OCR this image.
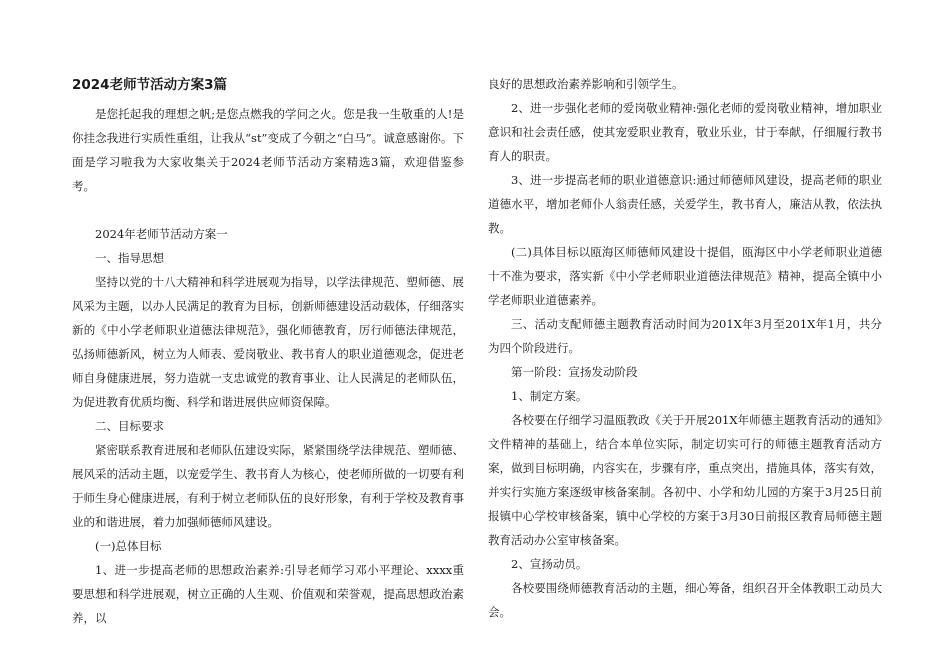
2024老师节活动方案3篇

是您托起我的理想之帆;是您点燃我的学问之火。您是我一生敬重的人!是你挂念我进行实质性重组，让我从“st”变成了今朝之“白马”。诚意感谢你。下面是学习啦我为大家收集关于2024老师节活动方案精选3篇，欢迎借鉴参考。

2024年老师节活动方案一

一、指导思想

坚持以党的十八大精神和科学进展观为指导，以学法律规范、塑师德、展风采为主题，以办人民满足的教育为目标，创新师德建设活动载体，仔细落实新的《中小学老师职业道德法律规范》，强化师德教育，厉行师德法律规范，弘扬师德新风，树立为人师表、爱岗敬业、教书育人的职业道德观念，促进老师自身健康进展，努力造就一支忠诚党的教育事业、让人民满足的老师队伍，为促进教育优质均衡、科学和谐进展供应师资保障。

二、目标要求

紧密联系教育进展和老师队伍建设实际，紧紧围绕学法律规范、塑师德、展风采的活动主题，以宠爱学生、教书育人为核心，使老师所做的一切要有利于师生身心健康进展，有利于树立老师队伍的良好形象，有利于学校及教育事业的和谐进展，着力加强师德师风建设。

(一)总体目标

1、进一步提高老师的思想政治素养:引导老师学习邓小平理论、xxxx重要思想和科学进展观，树立正确的人生观、价值观和荣誉观，提高思想政治素养，以

良好的思想政治素养影响和引领学生。

2、进一步强化老师的爱岗敬业精神:强化老师的爱岗敬业精神，增加职业意识和社会责任感，使其宠爱职业教育，敬业乐业，甘于奉献，仔细履行教书育人的职责。

3、进一步提高老师的职业道德意识:通过师德师风建设，提高老师的职业道德水平，增加老师仆人翁责任感，关爱学生，教书育人，廉洁从教，依法执教。

(二)具体目标以瓯海区师德师风建设十提倡，瓯海区中小学老师职业道德十不准为要求，落实新《中小学老师职业道德法律规范》精神，提高全镇中小学老师职业道德素养。

三、活动支配师德主题教育活动时间为201X年3月至201X年1月，共分为四个阶段进行。

第一阶段：宣扬发动阶段

1、制定方案。

各校要在仔细学习温瓯教政《关于开展201X年师德主题教育活动的通知》文件精神的基础上，结合本单位实际，制定切实可行的师德主题教育活动方案，做到目标明确，内容实在，步骤有序，重点突出，措施具体，落实有效，并实行实施方案逐级审核备案制。各初中、小学和幼儿园的方案于3月25日前报镇中心学校审核备案，镇中心学校的方案于3月30日前报区教育局师德主题教育活动办公室审核备案。

2、宣扬动员。

各校要围绕师德教育活动的主题，细心筹备，组织召开全体教职工动员大会。
